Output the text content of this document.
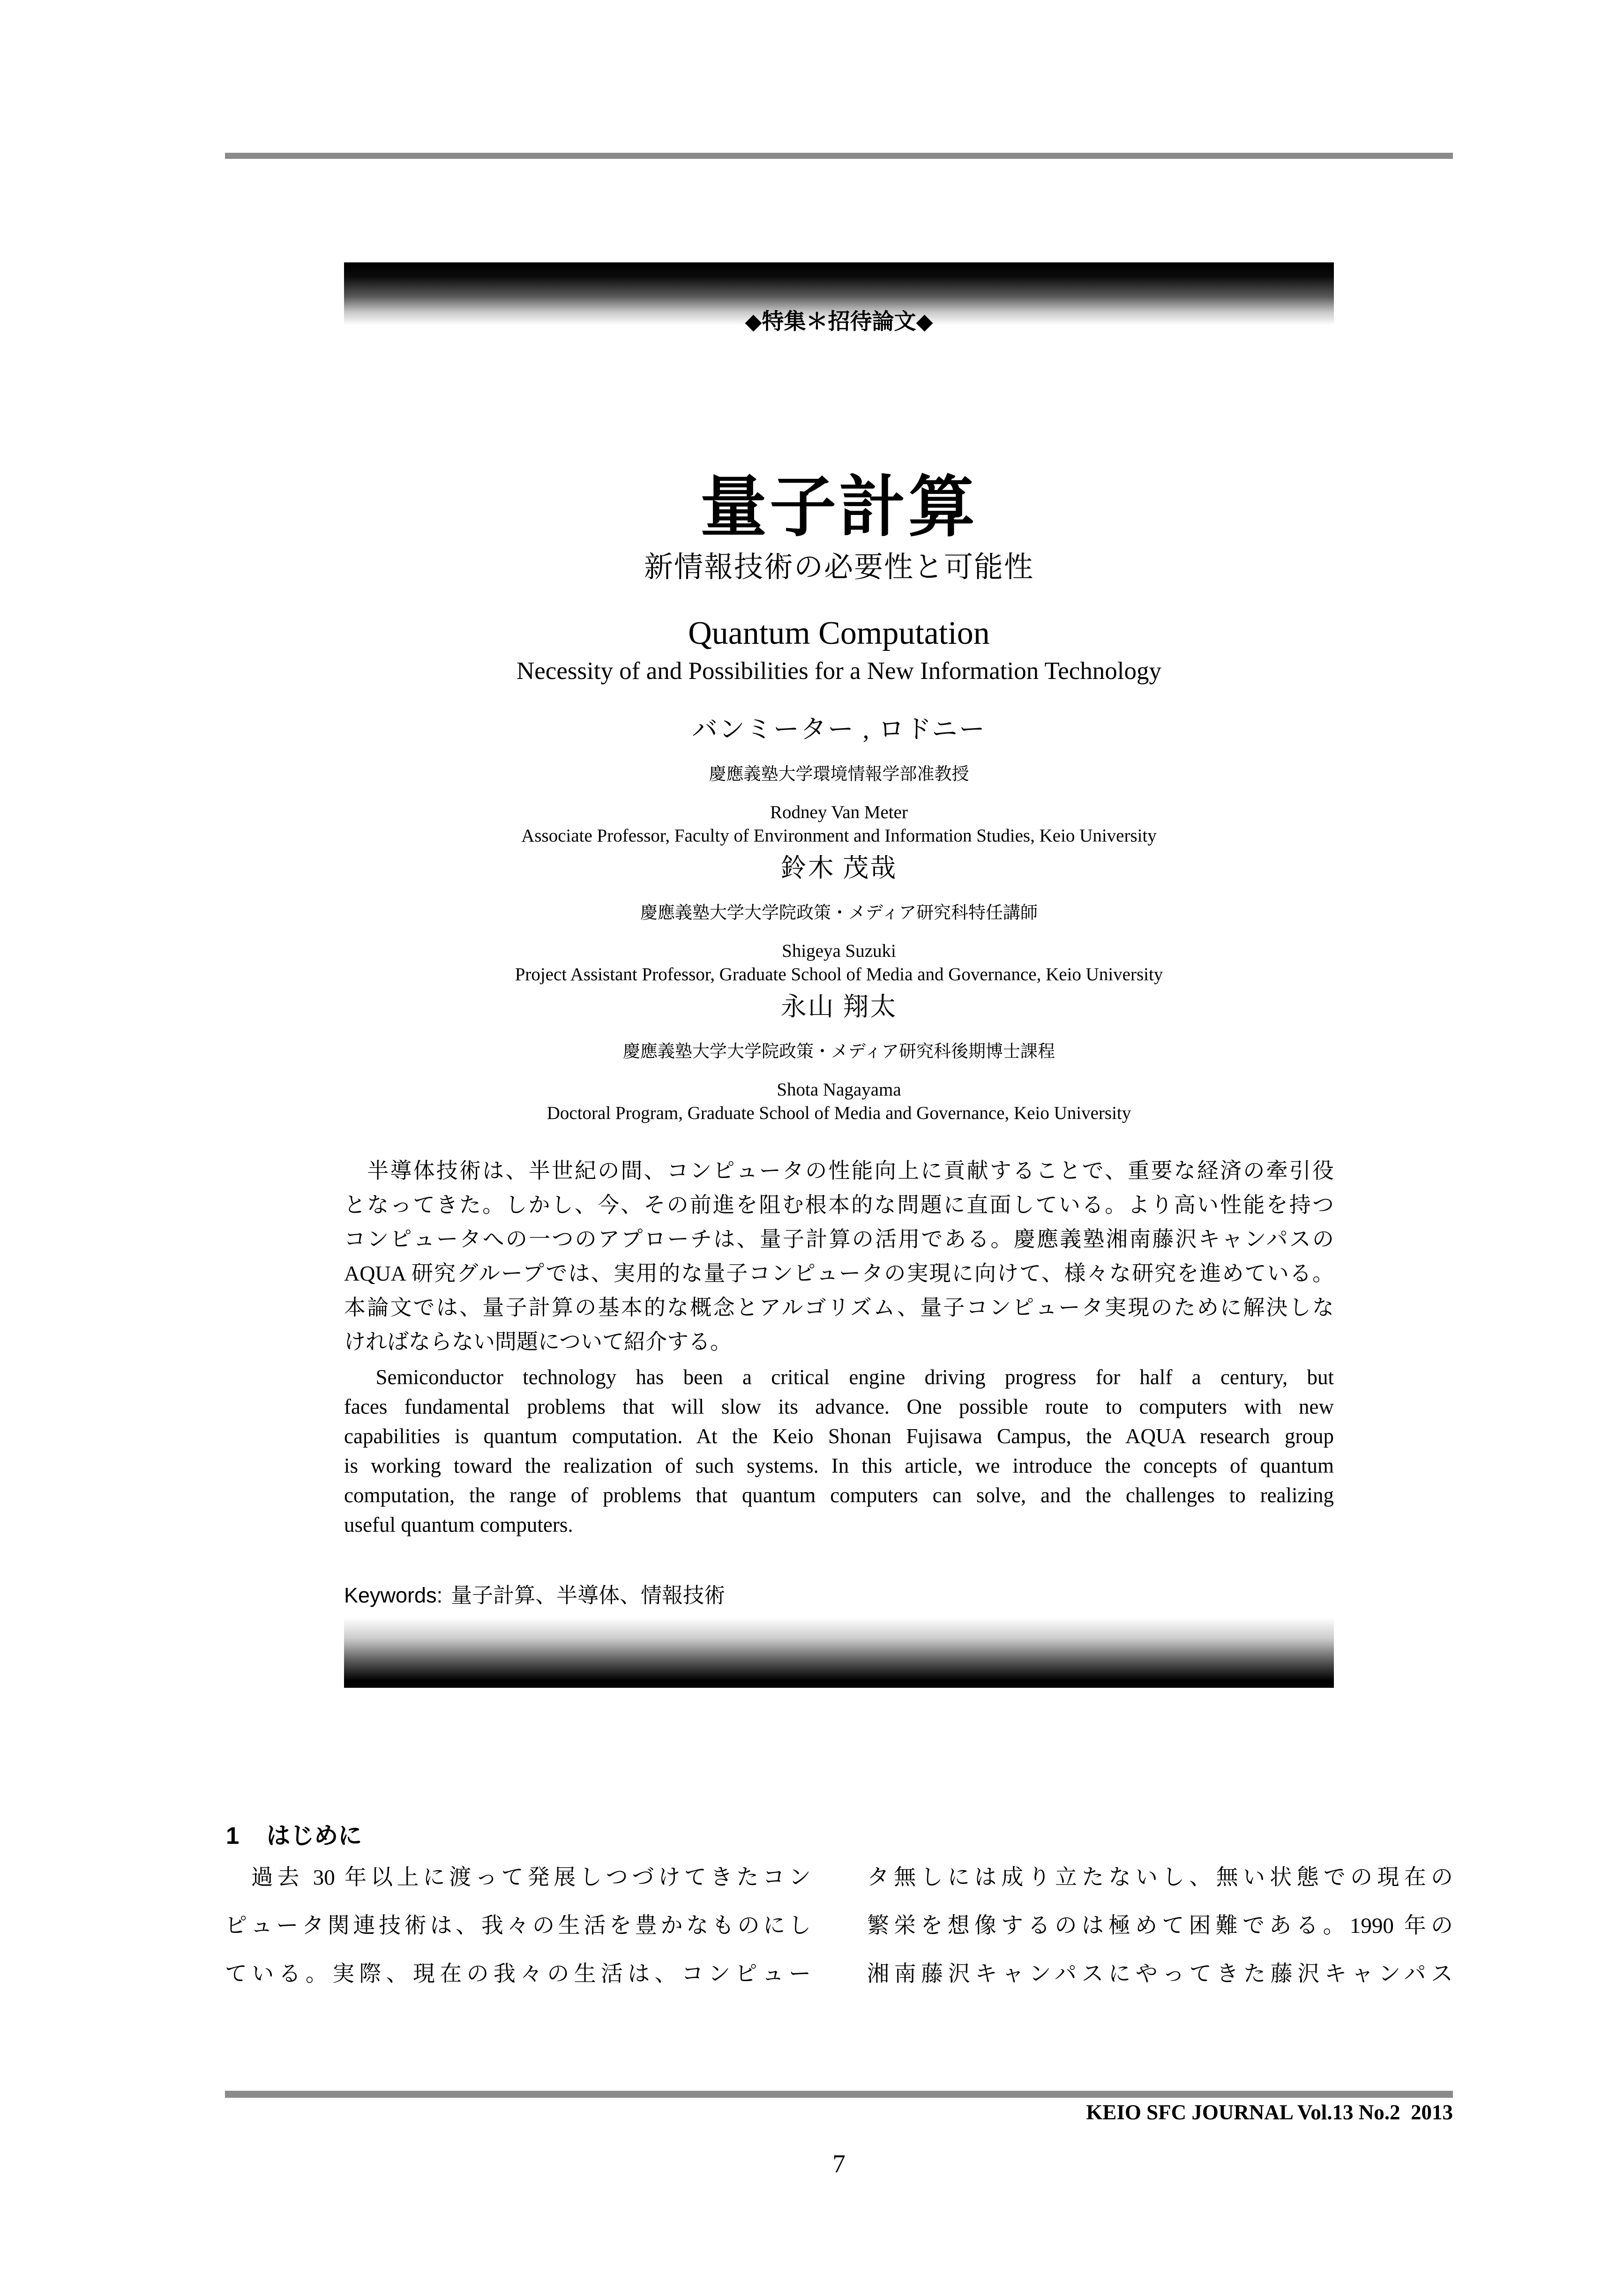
◆特集＊招待論文◆
量子計算
新情報技術の必要性と可能性
Quantum Computation
Necessity of and Possibilities for a New Information Technology
バンミーター , ロドニー
慶應義塾大学環境情報学部准教授
Rodney Van Meter
Associate Professor, Faculty of Environment and Information Studies, Keio University
鈴木 茂哉
慶應義塾大学大学院政策・メディア研究科特任講師
Shigeya Suzuki
Project Assistant Professor, Graduate School of Media and Governance, Keio University
永山 翔太
慶應義塾大学大学院政策・メディア研究科後期博士課程
Shota Nagayama
Doctoral Program, Graduate School of Media and Governance, Keio University
　半導体技術は、半世紀の間、コンピュータの性能向上に貢献することで、重要な経済の牽引役
となってきた。しかし、今、その前進を阻む根本的な問題に直面している。より高い性能を持つ
コンピュータへの一つのアプローチは、量子計算の活用である。慶應義塾湘南藤沢キャンパスの
AQUA 研究グループでは、実用的な量子コンピュータの実現に向けて、様々な研究を進めている。
本論文では、量子計算の基本的な概念とアルゴリズム、量子コンピュータ実現のために解決しな
ければならない問題について紹介する。
  Semiconductor technology has been a critical engine driving progress for half a century, but
faces fundamental problems that will slow its advance. One possible route to computers with new
capabilities is quantum computation. At the Keio Shonan Fujisawa Campus, the AQUA research group
is working toward the realization of such systems. In this article, we introduce the concepts of quantum
computation, the range of problems that quantum computers can solve, and the challenges to realizing
useful quantum computers.
Keywords: 量子計算、半導体、情報技術
1 はじめに
　過去 30 年以上に渡って発展しつづけてきたコン
ピュータ関連技術は、我々の生活を豊かなものにし
ている。実際、現在の我々の生活は、コンピュー
タ無しには成り立たないし、無い状態での現在の
繁栄を想像するのは極めて困難である。1990 年の
湘南藤沢キャンパスにやってきた藤沢キャンパス
KEIO SFC JOURNAL Vol.13 No.2 2013
7
